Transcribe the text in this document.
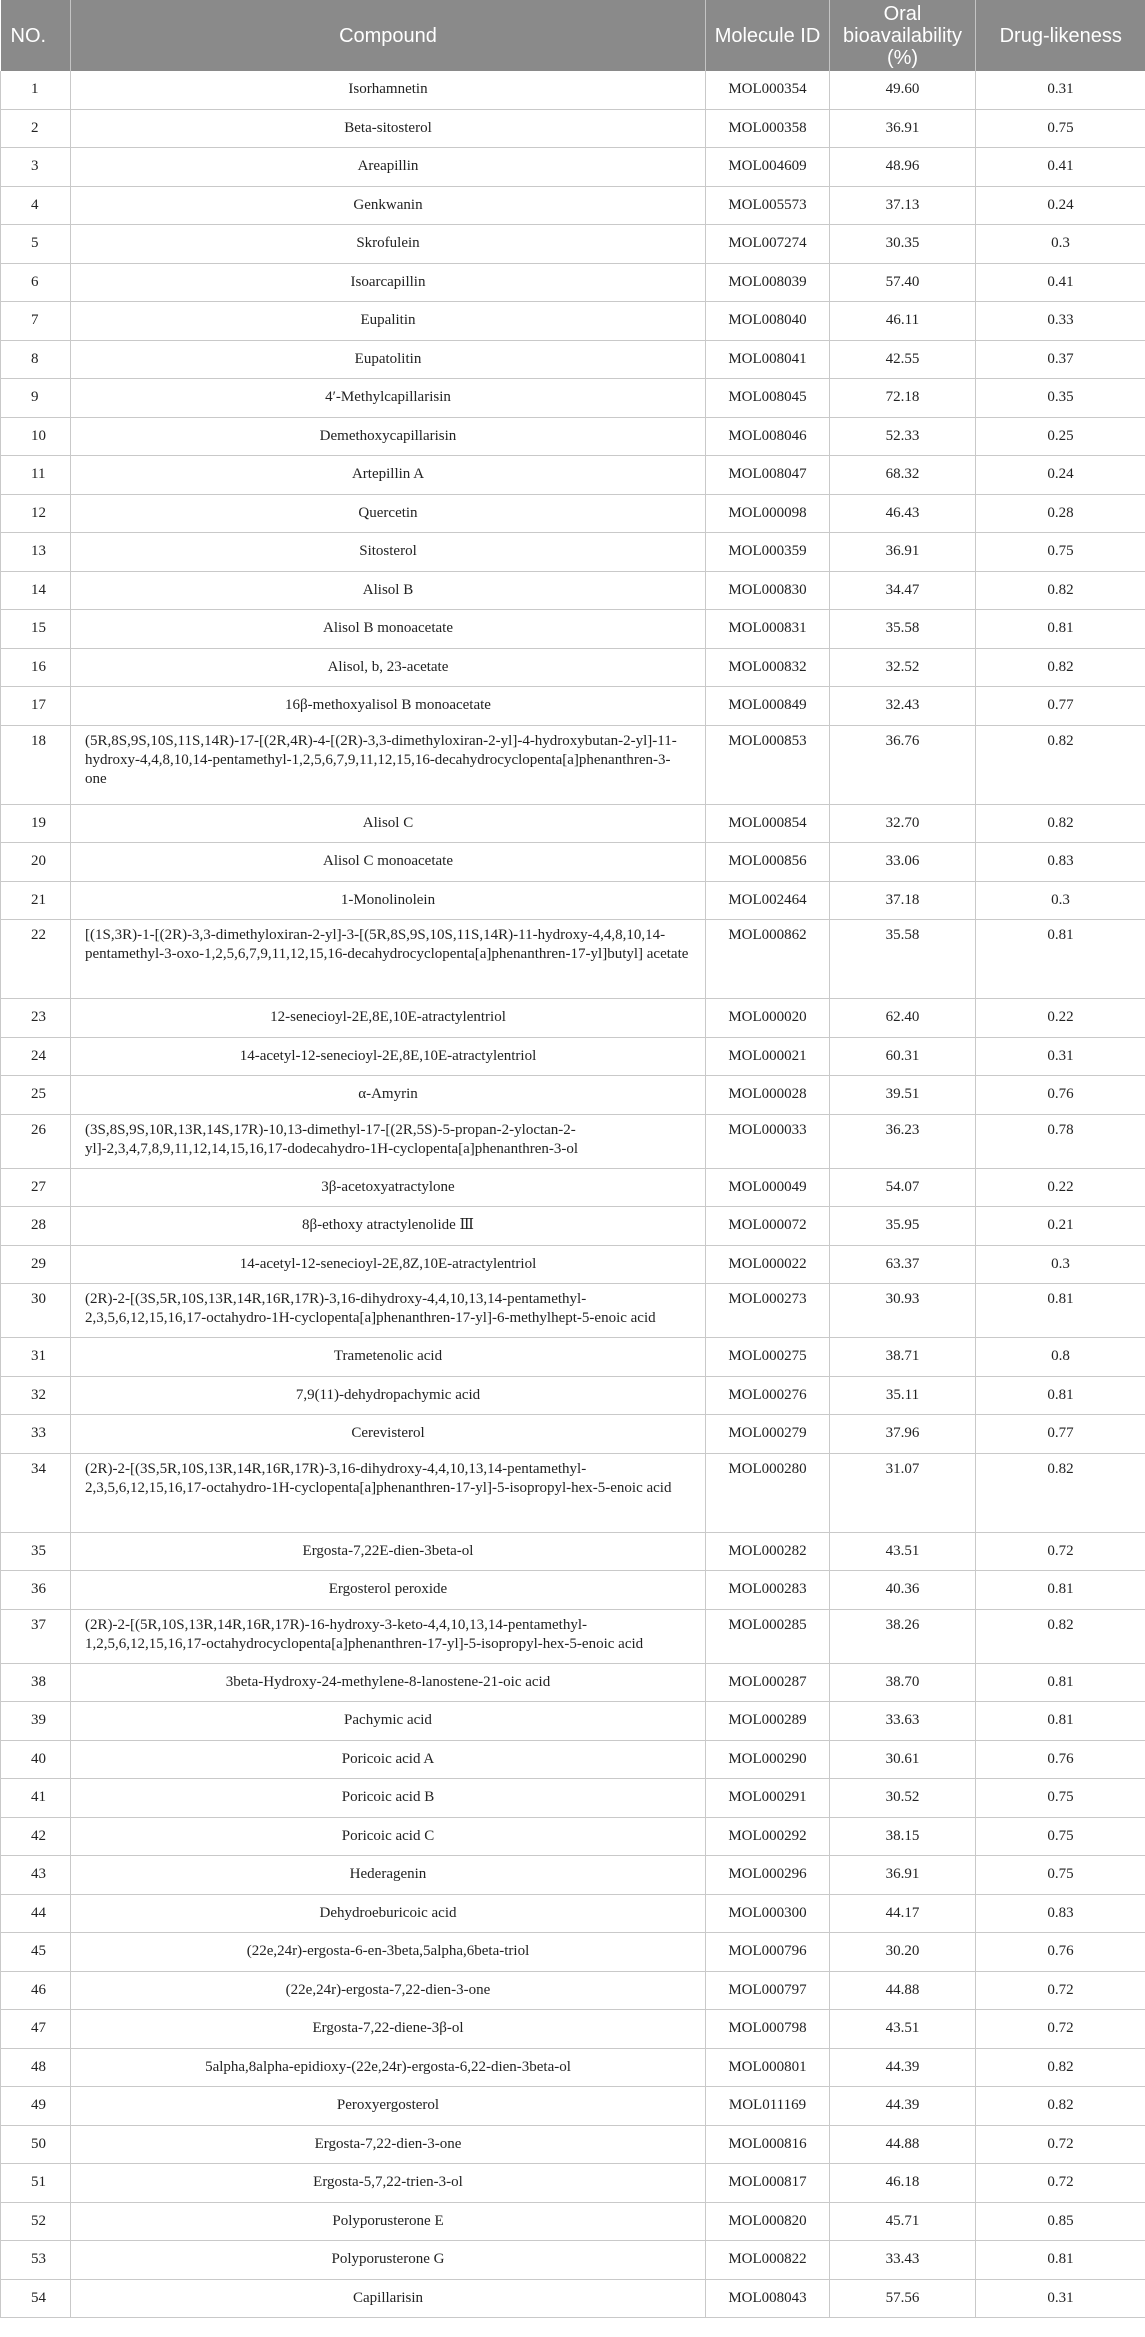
NO.	Compound	Molecule ID	Oral bioavailability (%)	Drug-likeness
1	Isorhamnetin	MOL000354	49.60	0.31
2	Beta-sitosterol	MOL000358	36.91	0.75
3	Areapillin	MOL004609	48.96	0.41
4	Genkwanin	MOL005573	37.13	0.24
5	Skrofulein	MOL007274	30.35	0.3
6	Isoarcapillin	MOL008039	57.40	0.41
7	Eupalitin	MOL008040	46.11	0.33
8	Eupatolitin	MOL008041	42.55	0.37
9	4′-Methylcapillarisin	MOL008045	72.18	0.35
10	Demethoxycapillarisin	MOL008046	52.33	0.25
11	Artepillin A	MOL008047	68.32	0.24
12	Quercetin	MOL000098	46.43	0.28
13	Sitosterol	MOL000359	36.91	0.75
14	Alisol B	MOL000830	34.47	0.82
15	Alisol B monoacetate	MOL000831	35.58	0.81
16	Alisol, b, 23-acetate	MOL000832	32.52	0.82
17	16β-methoxyalisol B monoacetate	MOL000849	32.43	0.77
18	(5R,8S,9S,10S,11S,14R)-17-[(2R,4R)-4-[(2R)-3,3-dimethyloxiran-2-yl]-4-hydroxybutan-2-yl]-11-hydroxy-4,4,8,10,14-pentamethyl-1,2,5,6,7,9,11,12,15,16-decahydrocyclopenta[a]phenanthren-3-one	MOL000853	36.76	0.82
19	Alisol C	MOL000854	32.70	0.82
20	Alisol C monoacetate	MOL000856	33.06	0.83
21	1-Monolinolein	MOL002464	37.18	0.3
22	[(1S,3R)-1-[(2R)-3,3-dimethyloxiran-2-yl]-3-[(5R,8S,9S,10S,11S,14R)-11-hydroxy-4,4,8,10,14-pentamethyl-3-oxo-1,2,5,6,7,9,11,12,15,16-decahydrocyclopenta[a]phenanthren-17-yl]butyl] acetate	MOL000862	35.58	0.81
23	12-senecioyl-2E,8E,10E-atractylentriol	MOL000020	62.40	0.22
24	14-acetyl-12-senecioyl-2E,8E,10E-atractylentriol	MOL000021	60.31	0.31
25	α-Amyrin	MOL000028	39.51	0.76
26	(3S,8S,9S,10R,13R,14S,17R)-10,13-dimethyl-17-[(2R,5S)-5-propan-2-yloctan-2-yl]-2,3,4,7,8,9,11,12,14,15,16,17-dodecahydro-1H-cyclopenta[a]phenanthren-3-ol	MOL000033	36.23	0.78
27	3β-acetoxyatractylone	MOL000049	54.07	0.22
28	8β-ethoxy atractylenolide Ⅲ	MOL000072	35.95	0.21
29	14-acetyl-12-senecioyl-2E,8Z,10E-atractylentriol	MOL000022	63.37	0.3
30	(2R)-2-[(3S,5R,10S,13R,14R,16R,17R)-3,16-dihydroxy-4,4,10,13,14-pentamethyl-2,3,5,6,12,15,16,17-octahydro-1H-cyclopenta[a]phenanthren-17-yl]-6-methylhept-5-enoic acid	MOL000273	30.93	0.81
31	Trametenolic acid	MOL000275	38.71	0.8
32	7,9(11)-dehydropachymic acid	MOL000276	35.11	0.81
33	Cerevisterol	MOL000279	37.96	0.77
34	(2R)-2-[(3S,5R,10S,13R,14R,16R,17R)-3,16-dihydroxy-4,4,10,13,14-pentamethyl-2,3,5,6,12,15,16,17-octahydro-1H-cyclopenta[a]phenanthren-17-yl]-5-isopropyl-hex-5-enoic acid	MOL000280	31.07	0.82
35	Ergosta-7,22E-dien-3beta-ol	MOL000282	43.51	0.72
36	Ergosterol peroxide	MOL000283	40.36	0.81
37	(2R)-2-[(5R,10S,13R,14R,16R,17R)-16-hydroxy-3-keto-4,4,10,13,14-pentamethyl-1,2,5,6,12,15,16,17-octahydrocyclopenta[a]phenanthren-17-yl]-5-isopropyl-hex-5-enoic acid	MOL000285	38.26	0.82
38	3beta-Hydroxy-24-methylene-8-lanostene-21-oic acid	MOL000287	38.70	0.81
39	Pachymic acid	MOL000289	33.63	0.81
40	Poricoic acid A	MOL000290	30.61	0.76
41	Poricoic acid B	MOL000291	30.52	0.75
42	Poricoic acid C	MOL000292	38.15	0.75
43	Hederagenin	MOL000296	36.91	0.75
44	Dehydroeburicoic acid	MOL000300	44.17	0.83
45	(22e,24r)-ergosta-6-en-3beta,5alpha,6beta-triol	MOL000796	30.20	0.76
46	(22e,24r)-ergosta-7,22-dien-3-one	MOL000797	44.88	0.72
47	Ergosta-7,22-diene-3β-ol	MOL000798	43.51	0.72
48	5alpha,8alpha-epidioxy-(22e,24r)-ergosta-6,22-dien-3beta-ol	MOL000801	44.39	0.82
49	Peroxyergosterol	MOL011169	44.39	0.82
50	Ergosta-7,22-dien-3-one	MOL000816	44.88	0.72
51	Ergosta-5,7,22-trien-3-ol	MOL000817	46.18	0.72
52	Polyporusterone E	MOL000820	45.71	0.85
53	Polyporusterone G	MOL000822	33.43	0.81
54	Capillarisin	MOL008043	57.56	0.31
